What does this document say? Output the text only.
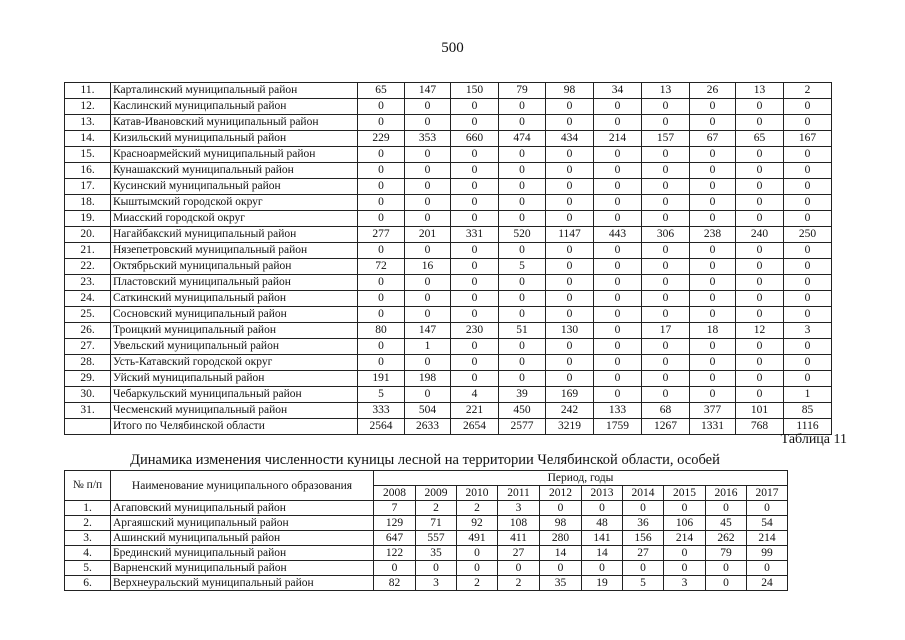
500
11.	Карталинский муниципальный район	65	147	150	79	98	34	13	26	13	2
12.	Каслинский муниципальный район	0	0	0	0	0	0	0	0	0	0
13.	Катав-Ивановский муниципальный район	0	0	0	0	0	0	0	0	0	0
14.	Кизильский муниципальный район	229	353	660	474	434	214	157	67	65	167
15.	Красноармейский муниципальный район	0	0	0	0	0	0	0	0	0	0
16.	Кунашакский муниципальный район	0	0	0	0	0	0	0	0	0	0
17.	Кусинский муниципальный район	0	0	0	0	0	0	0	0	0	0
18.	Кыштымский городской округ	0	0	0	0	0	0	0	0	0	0
19.	Миасский городской округ	0	0	0	0	0	0	0	0	0	0
20.	Нагайбакский муниципальный район	277	201	331	520	1147	443	306	238	240	250
21.	Нязепетровский муниципальный район	0	0	0	0	0	0	0	0	0	0
22.	Октябрьский муниципальный район	72	16	0	5	0	0	0	0	0	0
23.	Пластовский муниципальный район	0	0	0	0	0	0	0	0	0	0
24.	Саткинский муниципальный район	0	0	0	0	0	0	0	0	0	0
25.	Сосновский муниципальный район	0	0	0	0	0	0	0	0	0	0
26.	Троицкий муниципальный район	80	147	230	51	130	0	17	18	12	3
27.	Увельский муниципальный район	0	1	0	0	0	0	0	0	0	0
28.	Усть-Катавский городской округ	0	0	0	0	0	0	0	0	0	0
29.	Уйский муниципальный район	191	198	0	0	0	0	0	0	0	0
30.	Чебаркульский муниципальный район	5	0	4	39	169	0	0	0	0	1
31.	Чесменский муниципальный район	333	504	221	450	242	133	68	377	101	85
	Итого по Челябинской области	2564	2633	2654	2577	3219	1759	1267	1331	768	1116
Таблица 11
Динамика изменения численности куницы лесной на территории Челябинской области, особей
№ п/п	Наименование муниципального образования	Период, годы									
		2008	2009	2010	2011	2012	2013	2014	2015	2016	2017
1.	Агаповский муниципальный район	7	2	2	3	0	0	0	0	0	0
2.	Аргаяшский муниципальный район	129	71	92	108	98	48	36	106	45	54
3.	Ашинский муниципальный район	647	557	491	411	280	141	156	214	262	214
4.	Брединский муниципальный район	122	35	0	27	14	14	27	0	79	99
5.	Варненский муниципальный район	0	0	0	0	0	0	0	0	0	0
6.	Верхнеуральский муниципальный район	82	3	2	2	35	19	5	3	0	24
